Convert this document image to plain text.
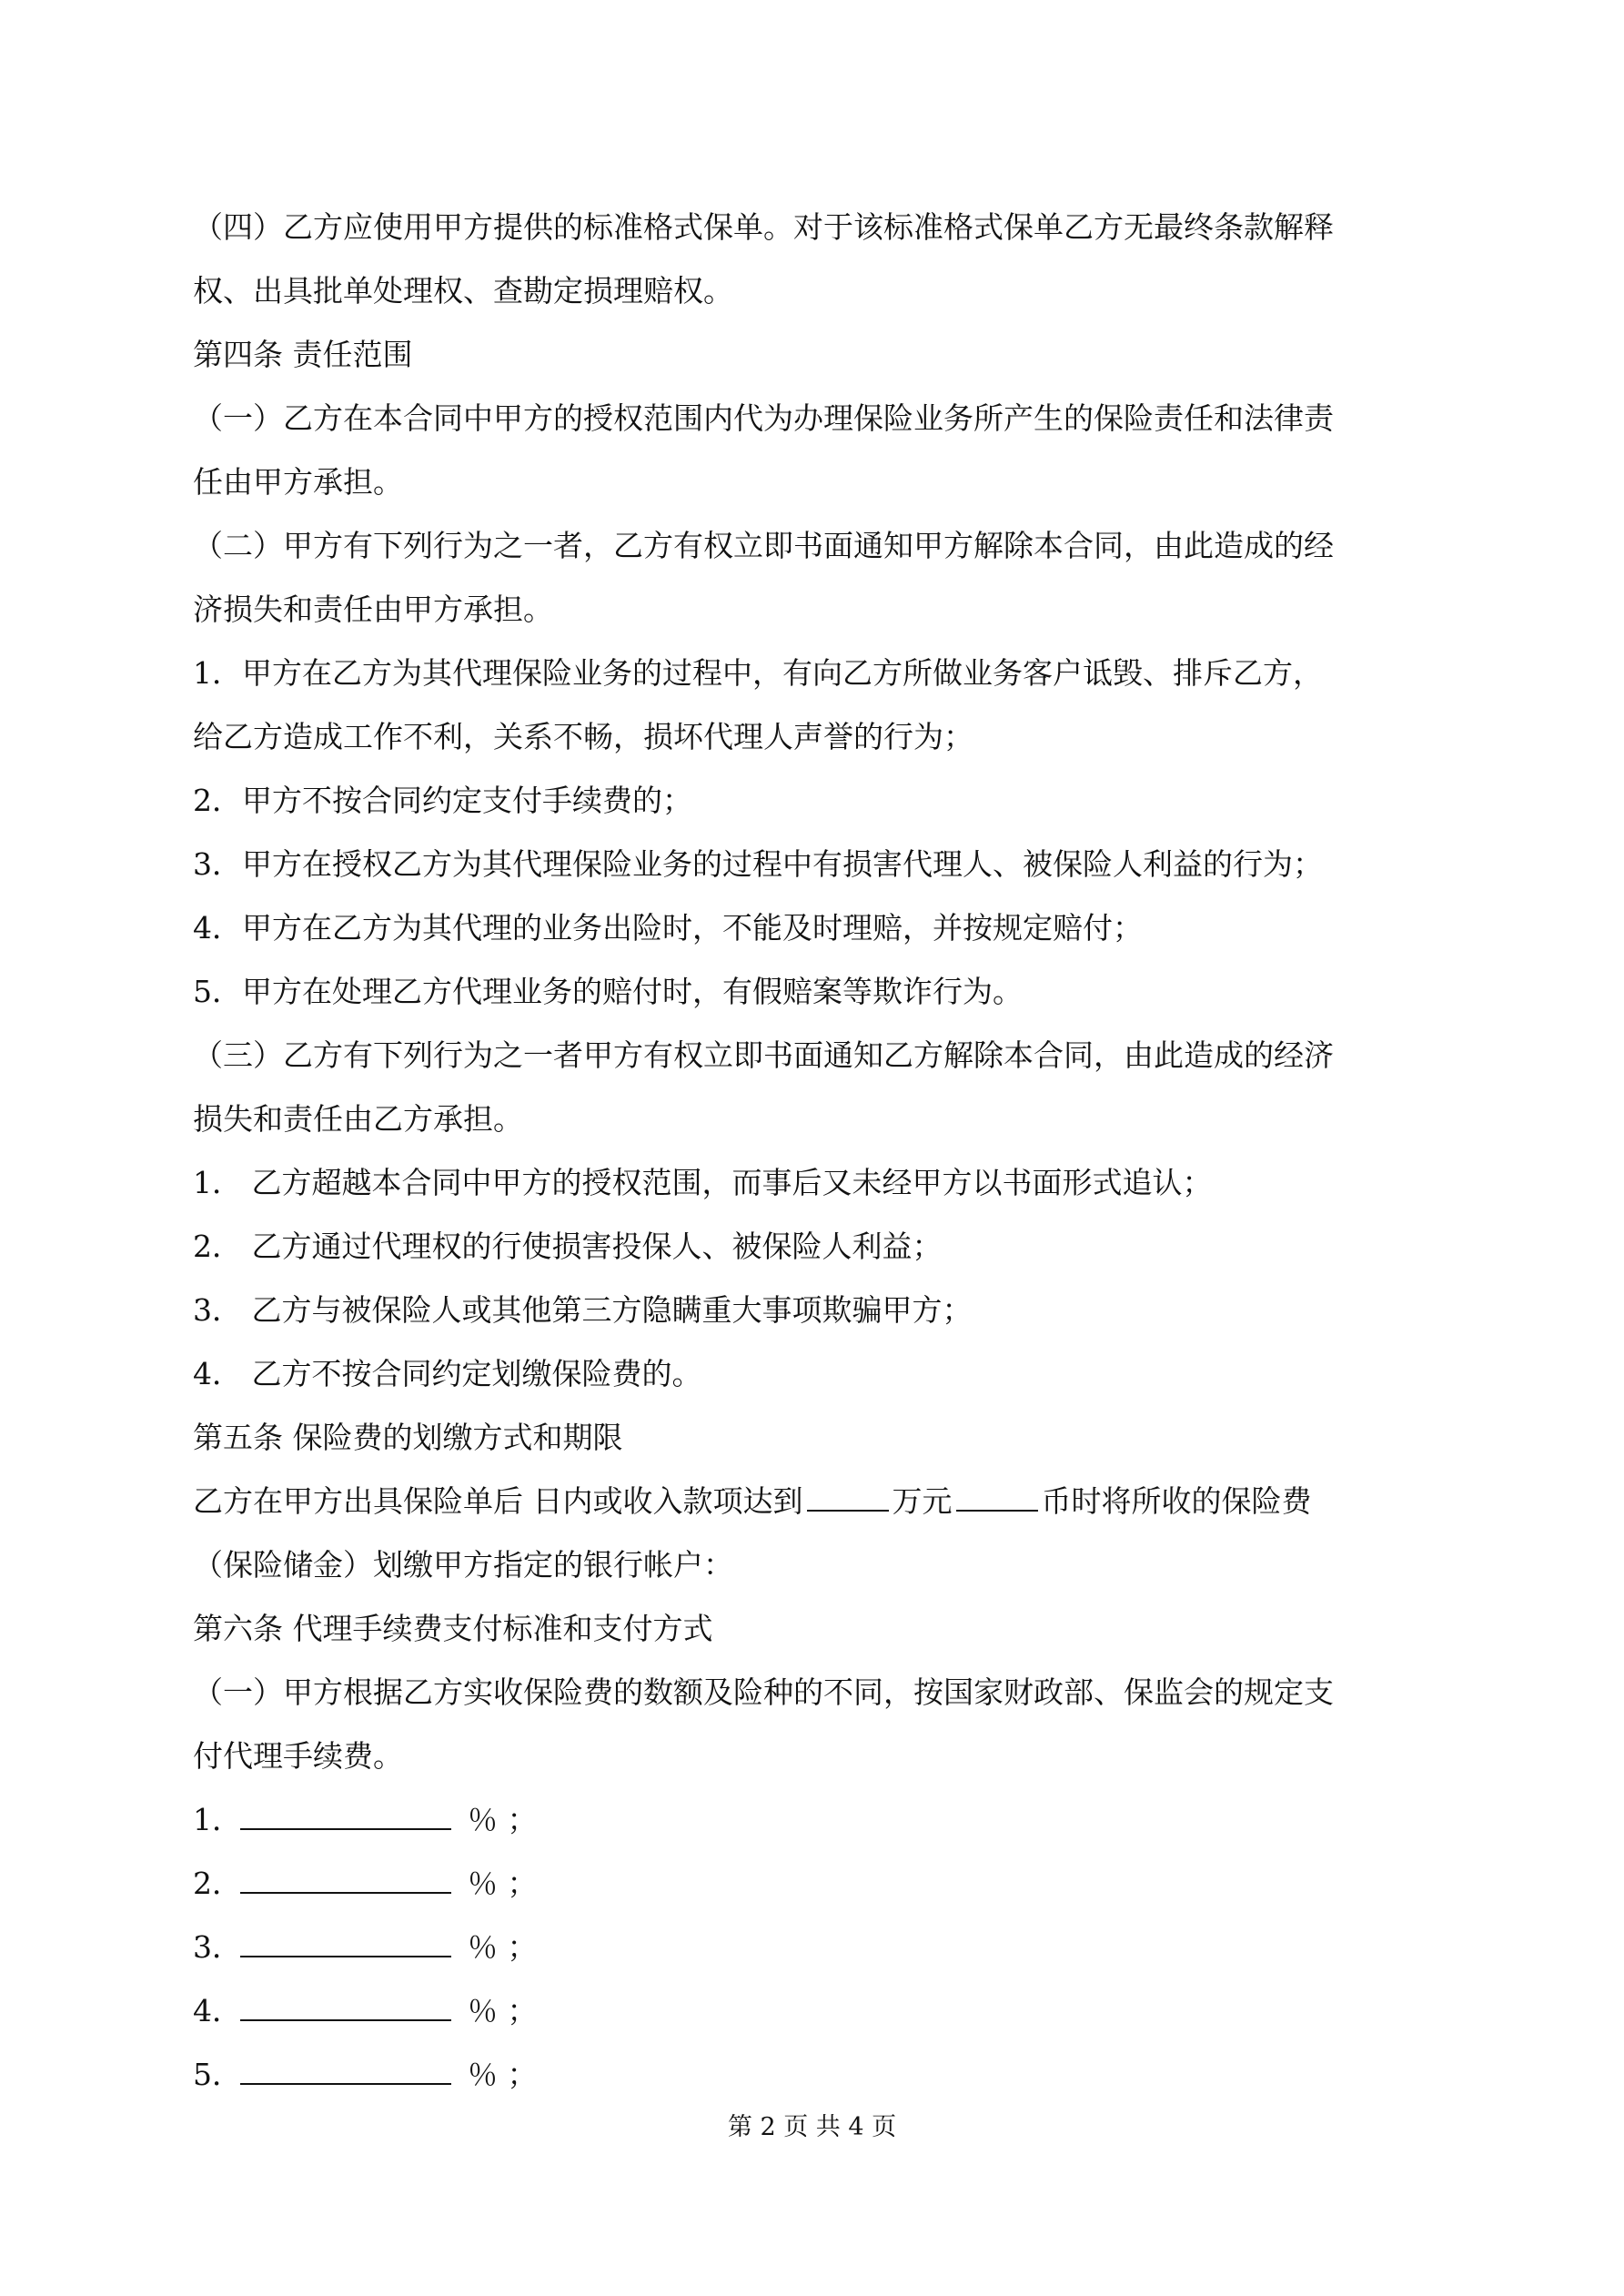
（四）乙方应使用甲方提供的标准格式保单。对于该标准格式保单乙方无最终条款解释
权、出具批单处理权、查勘定损理赔权。
第四条 责任范围
（一）乙方在本合同中甲方的授权范围内代为办理保险业务所产生的保险责任和法律责
任由甲方承担。
（二）甲方有下列行为之一者，乙方有权立即书面通知甲方解除本合同，由此造成的经
济损失和责任由甲方承担。
1．甲方在乙方为其代理保险业务的过程中，有向乙方所做业务客户诋毁、排斥乙方，
给乙方造成工作不利，关系不畅，损坏代理人声誉的行为；
2．甲方不按合同约定支付手续费的；
3．甲方在授权乙方为其代理保险业务的过程中有损害代理人、被保险人利益的行为；
4．甲方在乙方为其代理的业务出险时，不能及时理赔，并按规定赔付；
5．甲方在处理乙方代理业务的赔付时，有假赔案等欺诈行为。
（三）乙方有下列行为之一者甲方有权立即书面通知乙方解除本合同，由此造成的经济
损失和责任由乙方承担。
1． 乙方超越本合同中甲方的授权范围，而事后又未经甲方以书面形式追认；
2． 乙方通过代理权的行使损害投保人、被保险人利益；
3． 乙方与被保险人或其他第三方隐瞒重大事项欺骗甲方；
4． 乙方不按合同约定划缴保险费的。
第五条 保险费的划缴方式和期限
乙方在甲方出具保险单后 日内或收入款项达到	万元	币时将所收的保险费
（保险储金）划缴甲方指定的银行帐户：
第六条 代理手续费支付标准和支付方式
（一）甲方根据乙方实收保险费的数额及险种的不同，按国家财政部、保监会的规定支
付代理手续费。
1．	％ ；
2．	％ ；
3．	％ ；
4．	％ ；
5．	％ ；
第 2 页 共 4 页
